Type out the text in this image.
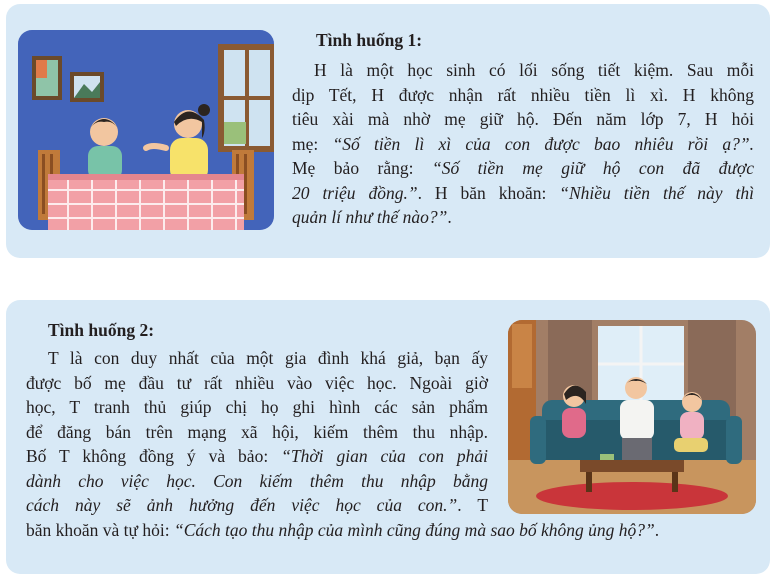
Tình huống 1:
H là một học sinh có lối sống tiết kiệm. Sau mỗi
dịp Tết, H được nhận rất nhiều tiền lì xì. H không
tiêu xài mà nhờ mẹ giữ hộ. Đến năm lớp 7, H hỏi
mẹ: “Số tiền lì xì của con được bao nhiêu rồi ạ?”.
Mẹ bảo rằng: “Số tiền mẹ giữ hộ con đã được
20 triệu đồng.”. H băn khoăn: “Nhiều tiền thế này thì
quản lí như thế nào?”.
Tình huống 2:
T là con duy nhất của một gia đình khá giả, bạn ấy
được bố mẹ đầu tư rất nhiều vào việc học. Ngoài giờ
học, T tranh thủ giúp chị họ ghi hình các sản phẩm
để đăng bán trên mạng xã hội, kiếm thêm thu nhập.
Bố T không đồng ý và bảo: “Thời gian của con phải
dành cho việc học. Con kiếm thêm thu nhập bằng
cách này sẽ ảnh hưởng đến việc học của con.”. T
băn khoăn và tự hỏi: “Cách tạo thu nhập của mình cũng đúng mà sao bố không ủng hộ?”.
